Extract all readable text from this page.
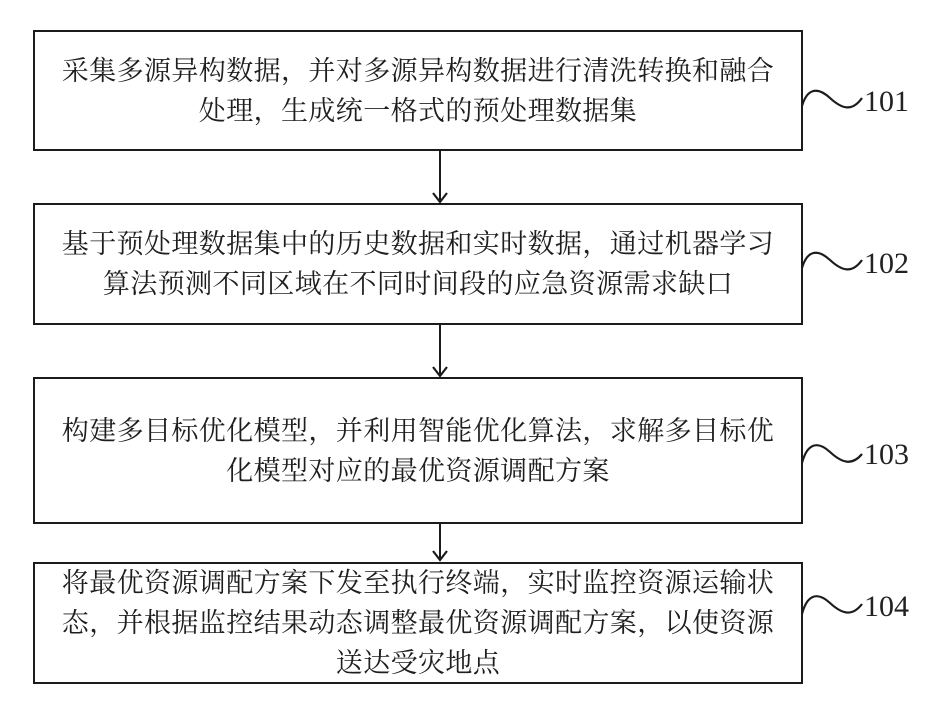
采集多源异构数据，并对多源异构数据进行清洗转换和融合
处理，生成统一格式的预处理数据集

基于预处理数据集中的历史数据和实时数据，通过机器学习
算法预测不同区域在不同时间段的应急资源需求缺口

构建多目标优化模型，并利用智能优化算法，求解多目标优
化模型对应的最优资源调配方案

将最优资源调配方案下发至执行终端，实时监控资源运输状
态，并根据监控结果动态调整最优资源调配方案，以使资源
送达受灾地点

101
102
103
104
